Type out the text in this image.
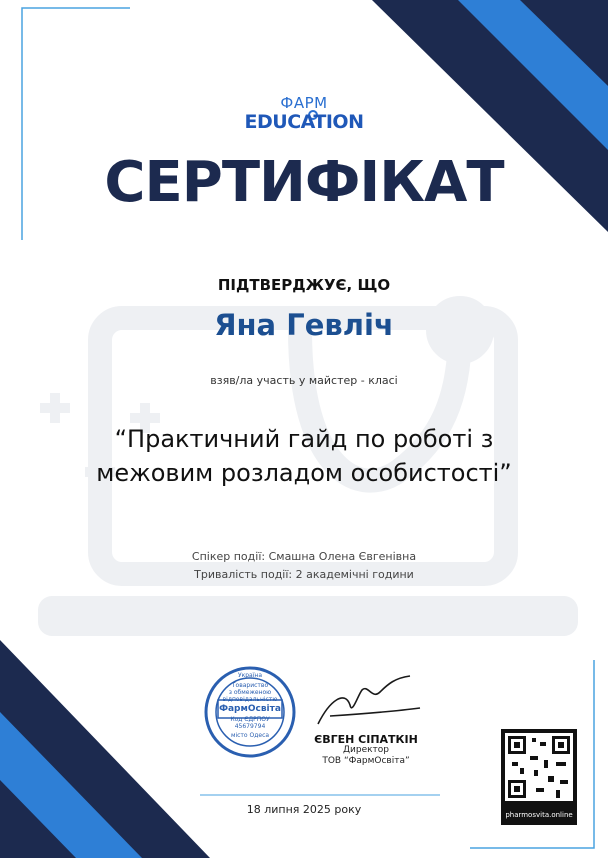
ФАРМ
EDUCATION
СЕРТИФІКАТ
ПІДТВЕРДЖУЄ, ЩО
Яна Гевліч
взяв/ла участь у майстер - класі
“Практичний гайд по роботі з
межовим розладом особистості”
Спікер події: Смашна Олена Євгенівна
Тривалість події: 2 академічні години
Україна
Товариство
з обмеженою
відповідальністю
ФармОсвіта
Код ЄДРПОУ
45679794
місто Одеса	ЄВГЕН СІПАТКІН
Директор
ТОВ “ФармОсвіта”
pharmosvita.online
18 липня 2025 року
